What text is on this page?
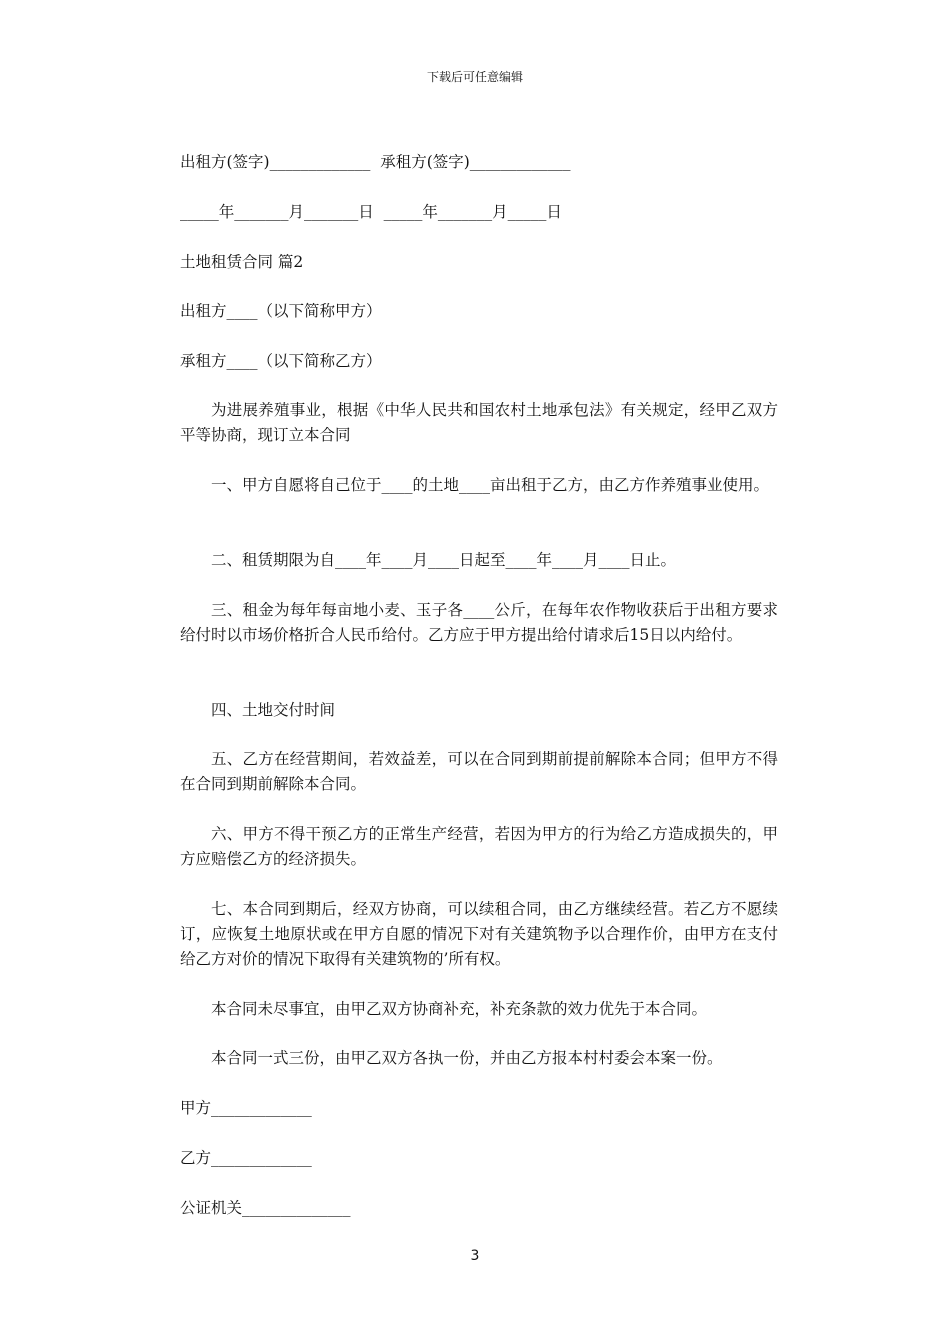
下载后可任意编辑
出租方(签字)_____________  承租方(签字)_____________
_____年_______月_______日  _____年_______月_____日
土地租赁合同 篇2
出租方____（以下简称甲方）
承租方____（以下简称乙方）
为进展养殖事业，根据《中华人民共和国农村土地承包法》有关规定，经甲乙双方平等协商，现订立本合同
一、甲方自愿将自己位于____的土地____亩出租于乙方，由乙方作养殖事业使用。
二、租赁期限为自____年____月____日起至____年____月____日止。
三、租金为每年每亩地小麦、玉子各____公斤，在每年农作物收获后于出租方要求给付时以市场价格折合人民币给付。乙方应于甲方提出给付请求后15日以内给付。
四、土地交付时间
五、乙方在经营期间，若效益差，可以在合同到期前提前解除本合同；但甲方不得在合同到期前解除本合同。
六、甲方不得干预乙方的正常生产经营，若因为甲方的行为给乙方造成损失的，甲方应赔偿乙方的经济损失。
七、本合同到期后，经双方协商，可以续租合同，由乙方继续经营。若乙方不愿续订，应恢复土地原状或在甲方自愿的情况下对有关建筑物予以合理作价，由甲方在支付给乙方对价的情况下取得有关建筑物的’所有权。
本合同未尽事宜，由甲乙双方协商补充，补充条款的效力优先于本合同。
本合同一式三份，由甲乙双方各执一份，并由乙方报本村村委会本案一份。
甲方_____________
乙方_____________
公证机关______________
3
